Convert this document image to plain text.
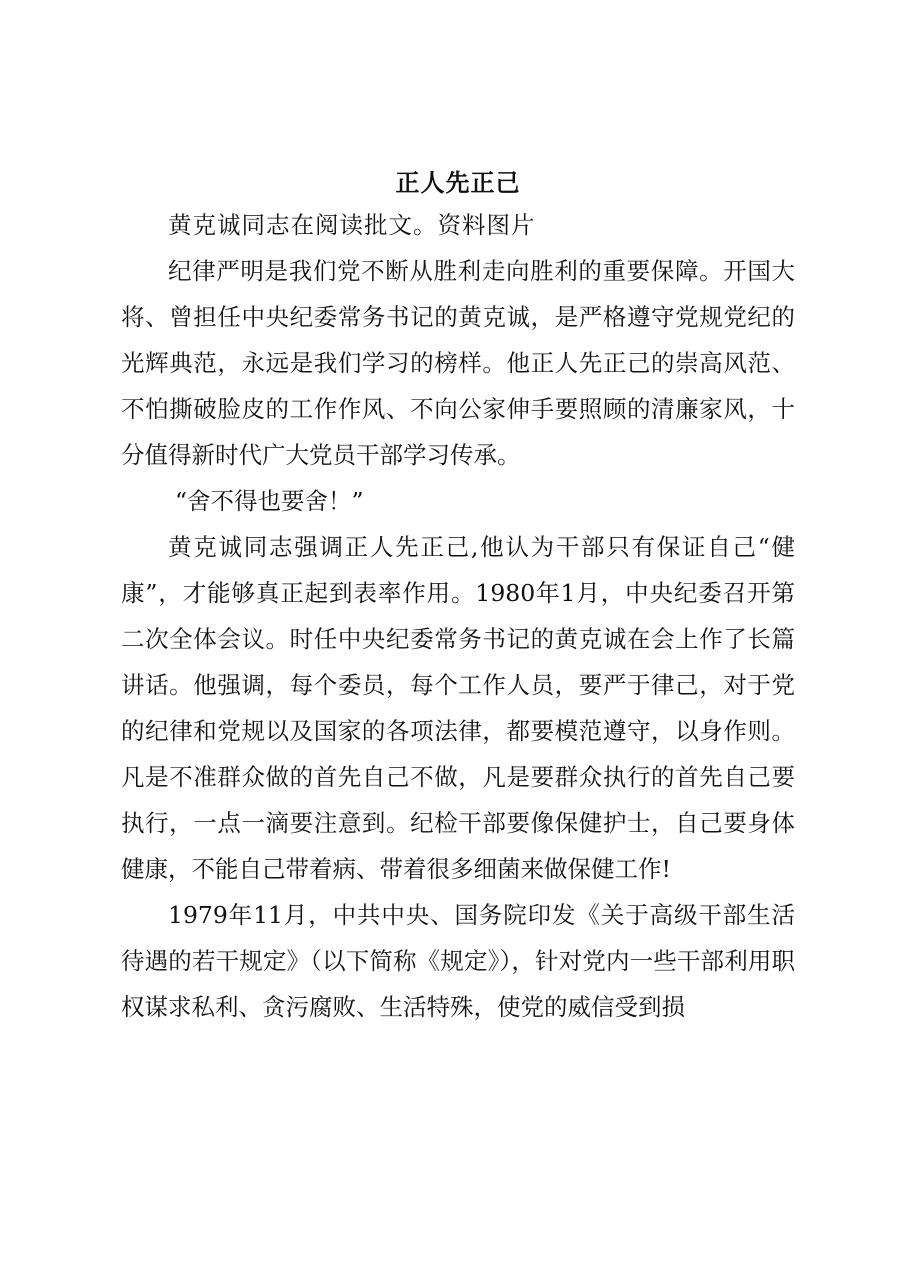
正人先正己

黄克诚同志在阅读批文。资料图片

纪律严明是我们党不断从胜利走向胜利的重要保障。开国大将、曾担任中央纪委常务书记的黄克诚，是严格遵守党规党纪的光辉典范，永远是我们学习的榜样。他正人先正己的崇高风范、不怕撕破脸皮的工作作风、不向公家伸手要照顾的清廉家风，十分值得新时代广大党员干部学习传承。

“舍不得也要舍！”

黄克诚同志强调正人先正己,他认为干部只有保证自己“健康”，才能够真正起到表率作用。1980年1月，中央纪委召开第二次全体会议。时任中央纪委常务书记的黄克诚在会上作了长篇讲话。他强调，每个委员，每个工作人员，要严于律己，对于党的纪律和党规以及国家的各项法律，都要模范遵守，以身作则。凡是不准群众做的首先自己不做，凡是要群众执行的首先自己要执行，一点一滴要注意到。纪检干部要像保健护士，自己要身体健康，不能自己带着病、带着很多细菌来做保健工作!

1979年11月，中共中央、国务院印发《关于高级干部生活待遇的若干规定》（以下简称《规定》），针对党内一些干部利用职权谋求私利、贪污腐败、生活特殊，使党的威信受到损
